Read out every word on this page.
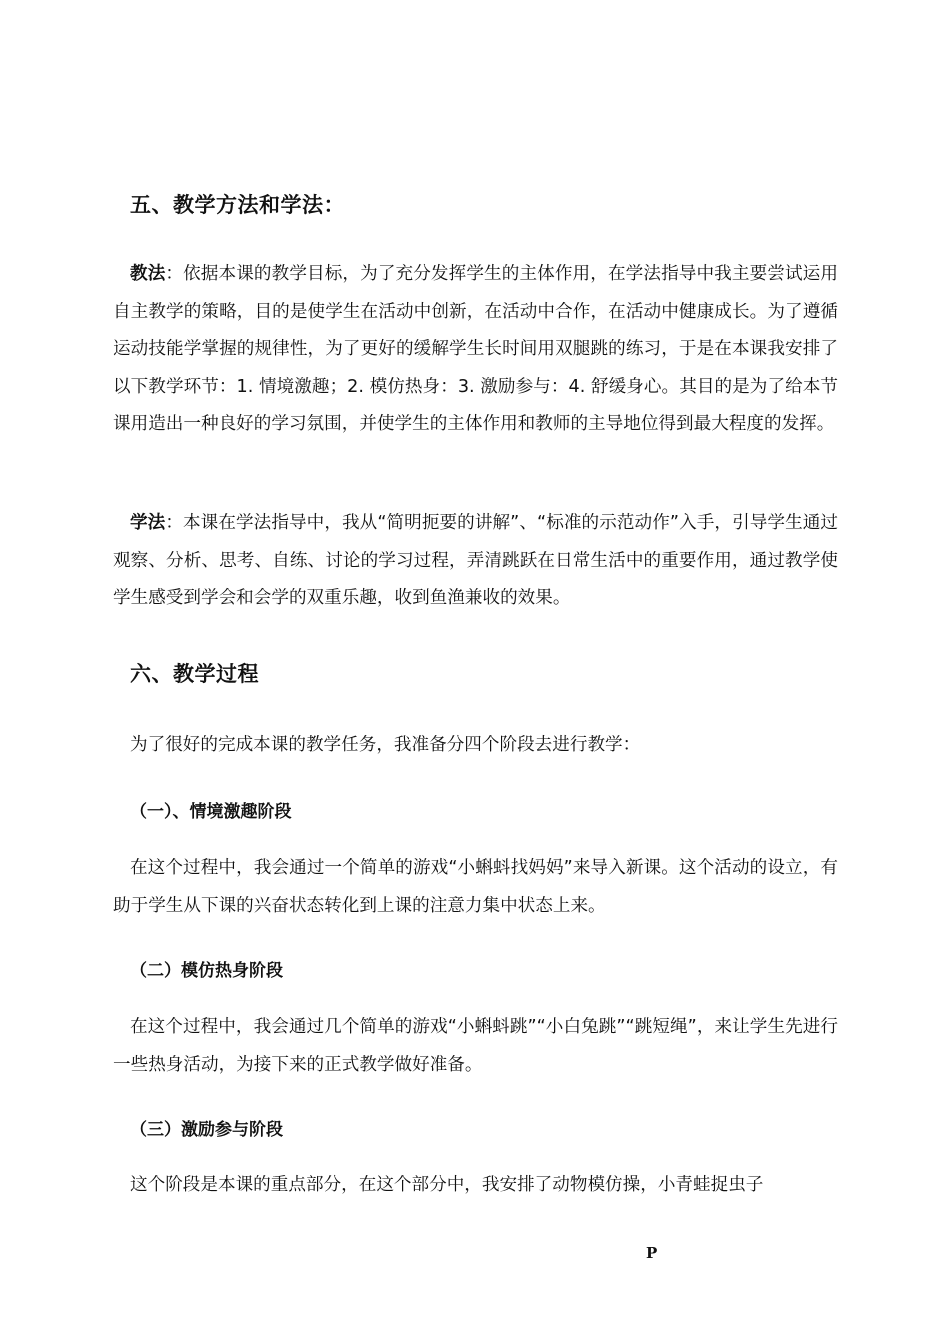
五、教学方法和学法：
教法：依据本课的教学目标，为了充分发挥学生的主体作用，在学法指导中我主要尝试运用自主教学的策略，目的是使学生在活动中创新，在活动中合作，在活动中健康成长。为了遵循运动技能学掌握的规律性，为了更好的缓解学生长时间用双腿跳的练习，于是在本课我安排了以下教学环节：1. 情境激趣；2. 模仿热身：3. 激励参与：4. 舒缓身心。其目的是为了给本节课用造出一种良好的学习氛围，并使学生的主体作用和教师的主导地位得到最大程度的发挥。
学法：本课在学法指导中，我从“简明扼要的讲解”、“标准的示范动作”入手，引导学生通过观察、分析、思考、自练、讨论的学习过程，弄清跳跃在日常生活中的重要作用，通过教学使学生感受到学会和会学的双重乐趣，收到鱼渔兼收的效果。
六、教学过程
为了很好的完成本课的教学任务，我准备分四个阶段去进行教学：
（一）、情境激趣阶段
在这个过程中，我会通过一个简单的游戏“小蝌蚪找妈妈”来导入新课。这个活动的设立，有助于学生从下课的兴奋状态转化到上课的注意力集中状态上来。
（二）模仿热身阶段
在这个过程中，我会通过几个简单的游戏“小蝌蚪跳”“小白兔跳”“跳短绳”，来让学生先进行一些热身活动，为接下来的正式教学做好准备。
（三）激励参与阶段
这个阶段是本课的重点部分，在这个部分中，我安排了动物模仿操，小青蛙捉虫子
P
